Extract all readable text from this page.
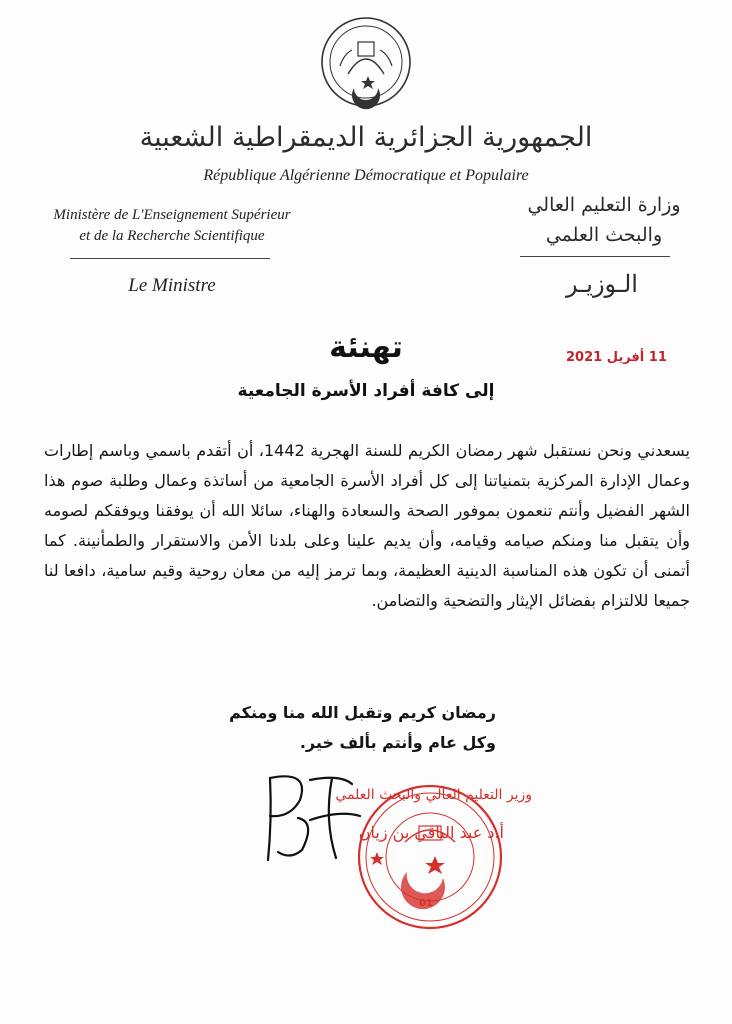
الجمهورية الجزائرية الديمقراطية الشعبية
République Algérienne Démocratique et Populaire
Ministère de L'Enseignement Supérieur
et de la Recherche Scientifique
Le Ministre
وزارة التعليم العالي
والبحث العلمي
الـوزيـر
11 أفريل 2021
تهنئة
إلى كافة أفراد الأسرة الجامعية
يسعدني ونحن نستقبل شهر رمضان الكريم للسنة الهجرية 1442، أن أتقدم باسمي وباسم إطارات وعمال الإدارة المركزية بتمنياتنا إلى كل أفراد الأسرة الجامعية من أساتذة وعمال وطلبة صوم هذا الشهر الفضيل وأنتم تنعمون بموفور الصحة والسعادة والهناء، سائلا الله أن يوفقنا ويوفقكم لصومه وأن يتقبل منا ومنكم صيامه وقيامه، وأن يديم علينا وعلى بلدنا الأمن والاستقرار والطمأنينة. كما أتمنى أن تكون هذه المناسبة الدينية العظيمة، وبما ترمز إليه من معان روحية وقيم سامية، دافعا لنا جميعا للالتزام بفضائل الإيثار والتضحية والتضامن.
رمضان كريم وتقبل الله منا ومنكم
وكل عام وأنتم بألف خير.
01
وزير التعليم العالي والبحث العلمي
أ.د عبد الباقي بن زيان
